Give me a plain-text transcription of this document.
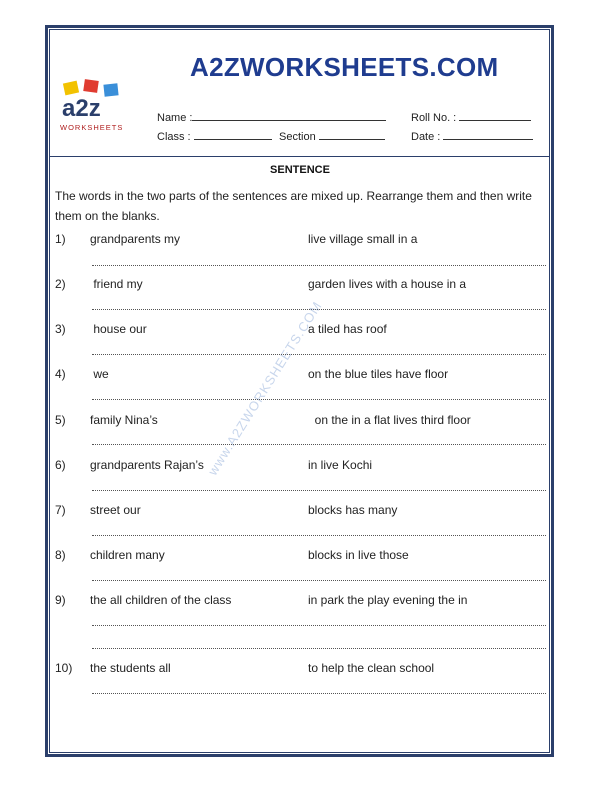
a2z
WORKSHEETS
A2ZWORKSHEETS.COM
Name :	Roll No. :
Class :	Section	Date :
SENTENCE
The words in the two parts of the sentences are mixed up. Rearrange them and then write them on the blanks.
www.A2ZWORKSHEETS.COM
1) grandparents my	live village small in a
2) friend my	garden lives with a house in a
3) house our	a tiled has roof
4) we	on the blue tiles have floor
5) family Nina’s	on the in a flat lives third floor
6) grandparents Rajan’s	in live Kochi
7) street our	blocks has many
8) children many	blocks in live those
9) the all children of the class	in park the play evening the in
10) the students all	to help the clean school
